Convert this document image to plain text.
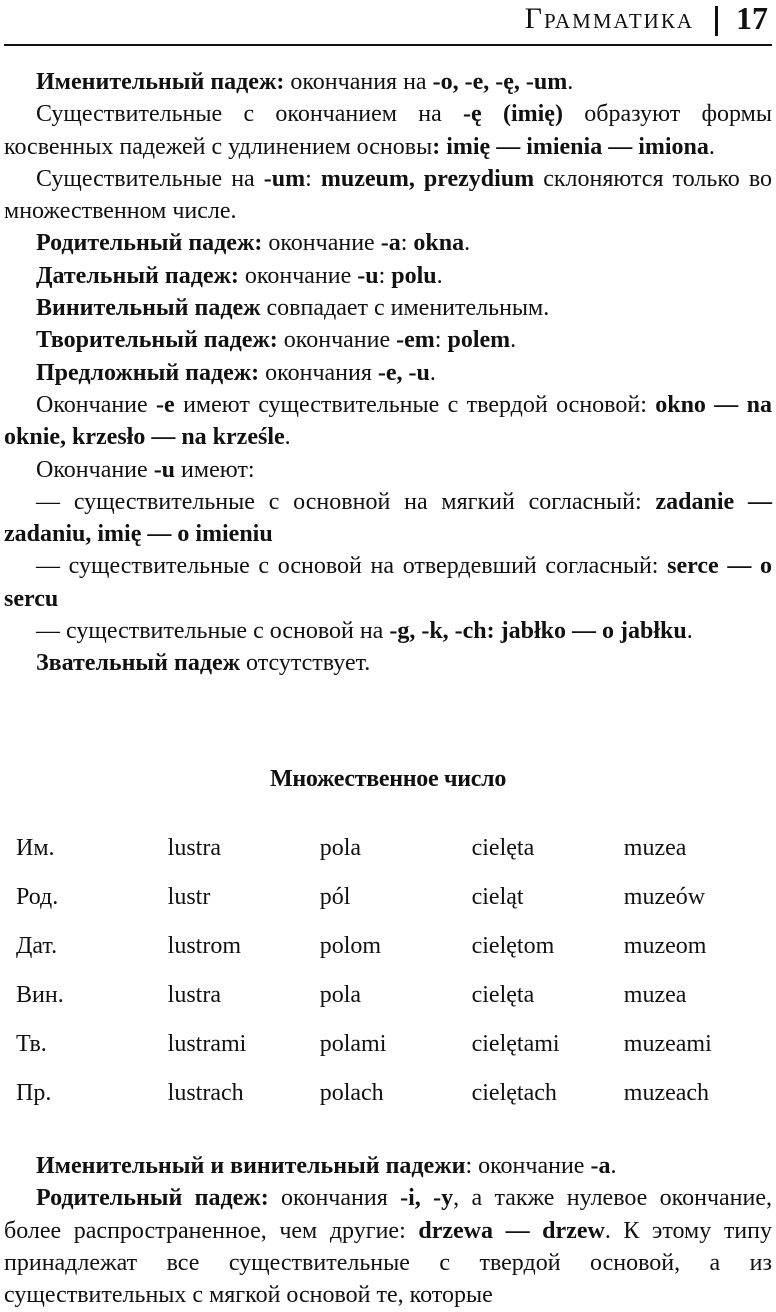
Грамматика 17

Именительный падеж: окончания на -o, -e, -ę, -um.

Существительные с окончанием на -ę (imię) образуют формы косвенных падежей с удлинением основы: imię — imienia — imiona.

Существительные на -um: muzeum, prezydium склоняются только во множественном числе.

Родительный падеж: окончание -a: okna.

Дательный падеж: окончание -u: polu.

Винительный падеж совпадает с именительным.

Творительный падеж: окончание -em: polem.

Предложный падеж: окончания -e, -u.

Окончание -e имеют существительные с твердой основой: okno — na oknie, krzesło — na krześle.

Окончание -u имеют:

— существительные с основной на мягкий согласный: zadanie — zadaniu, imię — o imieniu

— существительные с основой на отвердевший согласный: serce — o sercu

— существительные с основой на -g, -k, -ch: jabłko — o jabłku.

Звательный падеж отсутствует.

Множественное число
Им.	lustra	pola	cielęta	muzea
Род.	lustr	pól	cieląt	muzeów
Дат.	lustrom	polom	cielętom	muzeom
Вин.	lustra	pola	cielęta	muzea
Тв.	lustrami	polami	cielętami	muzeami
Пр.	lustrach	polach	cielętach	muzeach

Именительный и винительный падежи: окончание -a.

Родительный падеж: окончания -i, -y, а также нулевое окончание, более распространенное, чем другие: drzewa — drzew. К этому типу принадлежат все существительные с твердой основой, а из существительных с мягкой основой те, которые
